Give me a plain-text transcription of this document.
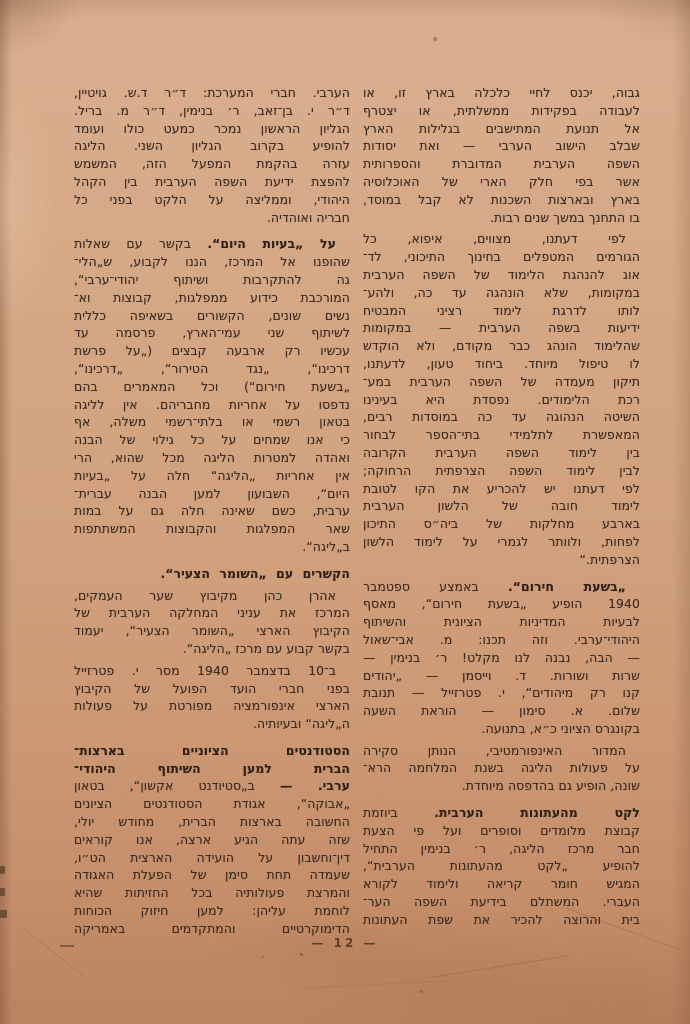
גבוה, יכנס לחיי כלכלה בארץ זו, או
לעבודה בפקידות ממשלתית, או יצטרף
אל תנועת המתישבים בגלילות הארץ
שבלב הישוב הערבי — ואת יסודות
השפה הערבית המדוברת והספרותית
אשר בפי חלק הארי של האוכלוסיה
בארץ ובארצות השכנות לא קבל במוסד,
בו התחנך במשך שנים רבות.
לפי דעתנו, מצווים, איפוא, כל
הגורמים המטפלים בחינוך התיכוני, לד־
אוג להנהגת הלימוד של השפה הערבית
במקומות, שלא הונהגה עד כה, ולהע־
לותו לדרגת לימוד רציני המבטיח
ידיעות בשפה הערבית — במקומות
שהלימוד הונהג כבר מקודם, ולא הוקדש
לו טיפול מיוחד. ביחוד טעון, לדעתנו,
תיקון מעמדה של השפה הערבית במע־
רכת הלימודים. נפסדת היא בעינינו
השיטה הנהוגה עד כה במוסדות רבים,
המאפשרת לתלמידי בתי־הספר לבחור
בין לימוד השפה הערבית הקרובה
לבין לימוד השפה הצרפתית הרחוקה;
לפי דעתנו יש להכריע את הקו לטובת
לימוד חובה של הלשון הערבית
בארבע מחלקות של ביה״ס התיכון
לפחות, ולוותר לגמרי על לימוד הלשון
הצרפתית.“
„בשעת חירום“. באמצע ספטמבר
1940 הופיע „בשעת חירום“, מאסף
לבעיות המדיניות הציונית והשיתוף
היהודי־ערבי. וזה תכנו: מ. אבי־שאול
— הבה, נבנה לנו מקלט! ר׳ בנימין —
שרות ושורות. ד. וייסמן — „יהודים
קנו רק מיהודים“, י. פטרזייל — תנובת
שלום. א. סימון — הוראת השעה
בקונגרס הציוני כ״א, בתנועה.
המדור האינפורמטיבי, הנותן סקירה
על פעולות הליגה בשנת המלחמה הרא־
שונה, הופיע גם בהדפסה מיוחדת.
לקט מהעתונות הערבית. ביוזמת
קבוצת מלומדים וסופרים ועל פי הצעת
חבר מרכז הליגה, ר׳ בנימין התחיל
להופיע „לקט מהעתונות הערבית“,
המגיש חומר קריאה ולימוד לקורא
העברי. המשתלם בידיעת השפה הער־
בית והרוצה להכיר את שפת העתונות
הערבי. חברי המערכת: ד״ר ד.ש. גויטיין,
ד״ר י. בן־זאב, ר׳ בנימין, ד״ר מ. בריל.
הגליון הראשון נמכר כמעט כולו ועומד
להופיע בקרוב הגליון השני. הליגה
עזרה בהקמת המפעל הזה, המשמש
להפצת ידיעת השפה הערבית בין הקהל
היהודי, וממליצה על הלקט בפני כל
חבריה ואוהדיה.
על „בעיות היום“. בקשר עם שאלות
שהופנו אל המרכז, הננו לקבוע, ש„הלי־
גה להתקרבות ושיתוף יהודי־ערבי“,
המורכבת כידוע ממפלגות, קבוצות וא־
נשים שונים, הקשורים בשאיפה כללית
לשיתוף שני עמי־הארץ, פרסמה עד
עכשיו רק ארבעה קבצים („על פרשת
דרכינו“, „נגד הטירור“, „דרכינו“,
„בשעת חירום“) וכל המאמרים בהם
נדפסו על אחריות מחבריהם. אין לליגה
בטאון רשמי או בלתי־רשמי משלה, אף
כי אנו שמחים על כל גילוי של הבנה
ואהדה למטרות הליגה מכל שהוא, הרי
אין אחריות „הליגה“ חלה על „בעיות
היום“, השבועון למען הבנה עברית־
ערבית, כשם שאינה חלה גם על במות
שאר המפלגות והקבוצות המשתתפות
ב„ליגה“.
הקשרים עם „השומר הצעיר“.
אהרן כהן מקיבוץ שער העמקים,
המרכז את עניני המחלקה הערבית של
הקיבוץ הארצי „השומר הצעיר“, יעמוד
בקשר קבוע עם מרכז „הליגה“.
ב־10 בדצמבר 1940 מסר י. פטרזייל
בפני חברי הועד הפועל של הקיבוץ
הארצי אינפורמציה מפורטת על פעולות
ה„ליגה“ ובעיותיה.
הסטודנטים הציוניים בארצות־
הברית למען השיתוף היהודי־
ערבי. — ב„סטיודנט אקשון“, בטאון
„אבוקה“, אגודת הסטודנטים הציונים
החשובה בארצות הברית, מחודש יולי,
שזה עתה הגיע ארצה, אנו קוראים
דין־וחשבון על הועידה הארצית הט״ו,
שעמדה תחת סימן של הפעלת האגודה
והמרצת פעולותיה בכל החזיתות שהיא
לוחמת עליהן: למען חיזוק הכוחות
הדימוקרטיים והמתקדמים באמריקה
— 12 —
